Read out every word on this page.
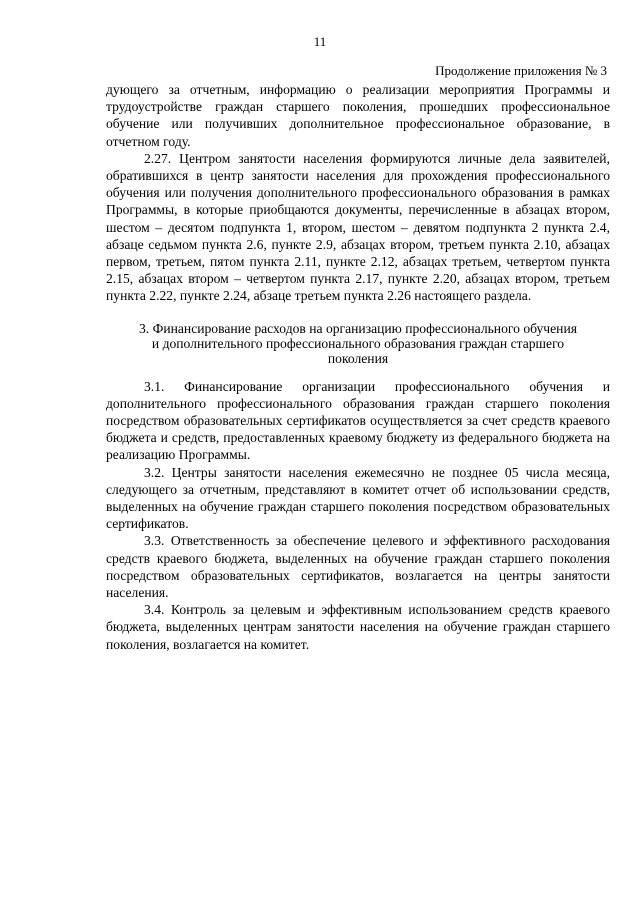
11
Продолжение приложения № 3

дующего за отчетным, информацию о реализации мероприятия Программы и трудоустройстве граждан старшего поколения, прошедших профессиональное обучение или получивших дополнительное профессиональное образование, в отчетном году.

2.27. Центром занятости населения формируются личные дела заявителей, обратившихся в центр занятости населения для прохождения профессионального обучения или получения дополнительного профессионального образования в рамках Программы, в которые приобщаются документы, перечисленные в абзацах втором, шестом – десятом подпункта 1, втором, шестом – девятом подпункта 2 пункта 2.4, абзаце седьмом пункта 2.6, пункте 2.9, абзацах втором, третьем пункта 2.10, абзацах первом, третьем, пятом пункта 2.11, пункте 2.12, абзацах третьем, четвертом пункта 2.15, абзацах втором – четвертом пункта 2.17, пункте 2.20, абзацах втором, третьем пункта 2.22, пункте 2.24, абзаце третьем пункта 2.26 настоящего раздела.

3. Финансирование расходов на организацию профессионального обучения и дополнительного профессионального образования граждан старшего поколения

3.1. Финансирование организации профессионального обучения и дополнительного профессионального образования граждан старшего поколения посредством образовательных сертификатов осуществляется за счет средств краевого бюджета и средств, предоставленных краевому бюджету из федерального бюджета на реализацию Программы.

3.2. Центры занятости населения ежемесячно не позднее 05 числа месяца, следующего за отчетным, представляют в комитет отчет об использовании средств, выделенных на обучение граждан старшего поколения посредством образовательных сертификатов.

3.3. Ответственность за обеспечение целевого и эффективного расходования средств краевого бюджета, выделенных на обучение граждан старшего поколения посредством образовательных сертификатов, возлагается на центры занятости населения.

3.4. Контроль за целевым и эффективным использованием средств краевого бюджета, выделенных центрам занятости населения на обучение граждан старшего поколения, возлагается на комитет.
